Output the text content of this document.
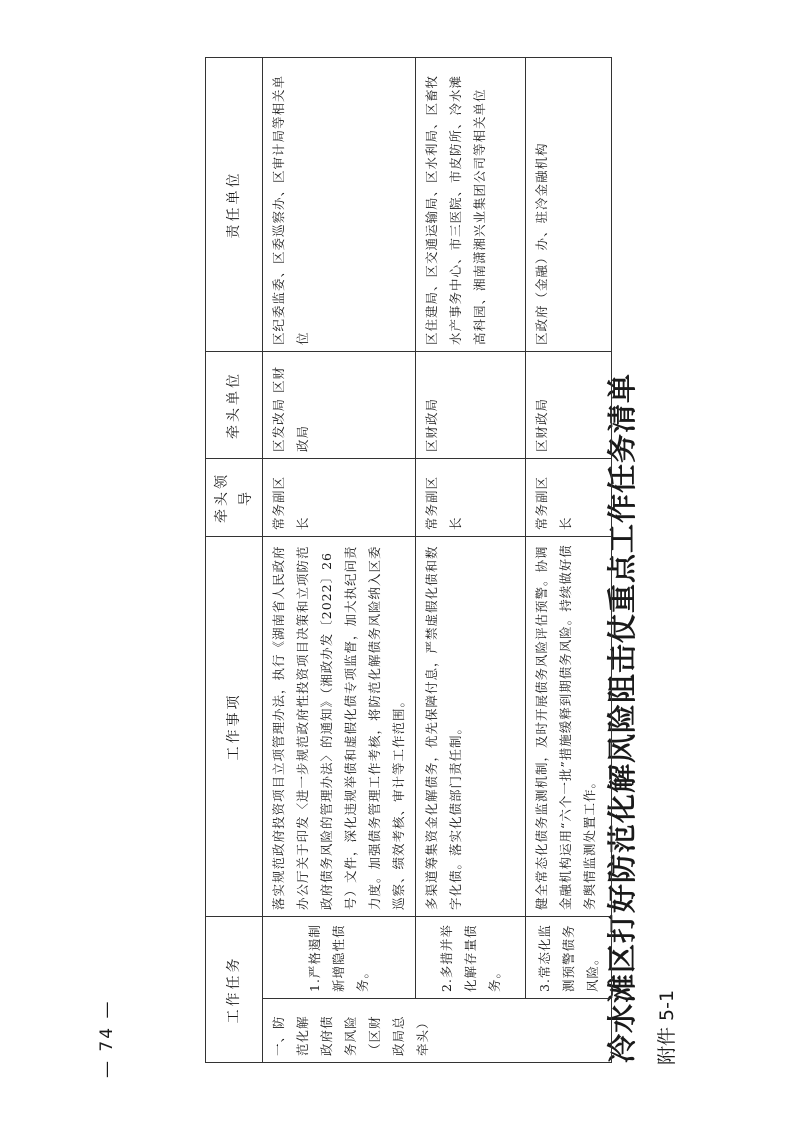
附件 5-1
冷水滩区打好防范化解风险阻击仗重点工作任务清单
工作任务		工作事项	牵头领导	牵头单位	责任单位
一、防范化解政府债务风险（区财政局总牵头）	1.严格遏制新增隐性债务。	落实规范政府投资项目立项管理办法，执行《湖南省人民政府办公厅关于印发〈进一步规范政府性投资项目决策和立项防范政府债务风险的管理办法〉的通知》（湘政办发〔2022〕26号）文件，深化违规举债和虚假化债专项监督，加大执纪问责力度。加强债务管理工作考核，将防范化解债务风险纳入区委巡察、绩效考核、审计等工作范围。	常务副区长	区发改局 区财政局	区纪委监委、区委巡察办、区审计局等相关单位
	2.多措并举化解存量债务。	多渠道筹集资金化解债务，优先保障付息，严禁虚假化债和数字化债。落实化债部门责任制。	常务副区长	区财政局	区住建局、区交通运输局、区水利局、区畜牧水产事务中心、市三医院、市皮防所、冷水滩高科园、湘南潇湘兴业集团公司等相关单位
	3.常态化监测预警债务风险。	健全常态化债务监测机制，及时开展债务风险评估预警。协调金融机构运用“六个一批”措施缓释到期债务风险。持续做好债务舆情监测处置工作。	常务副区长	区财政局	区政府（金融）办、驻冷金融机构
— 74 —
